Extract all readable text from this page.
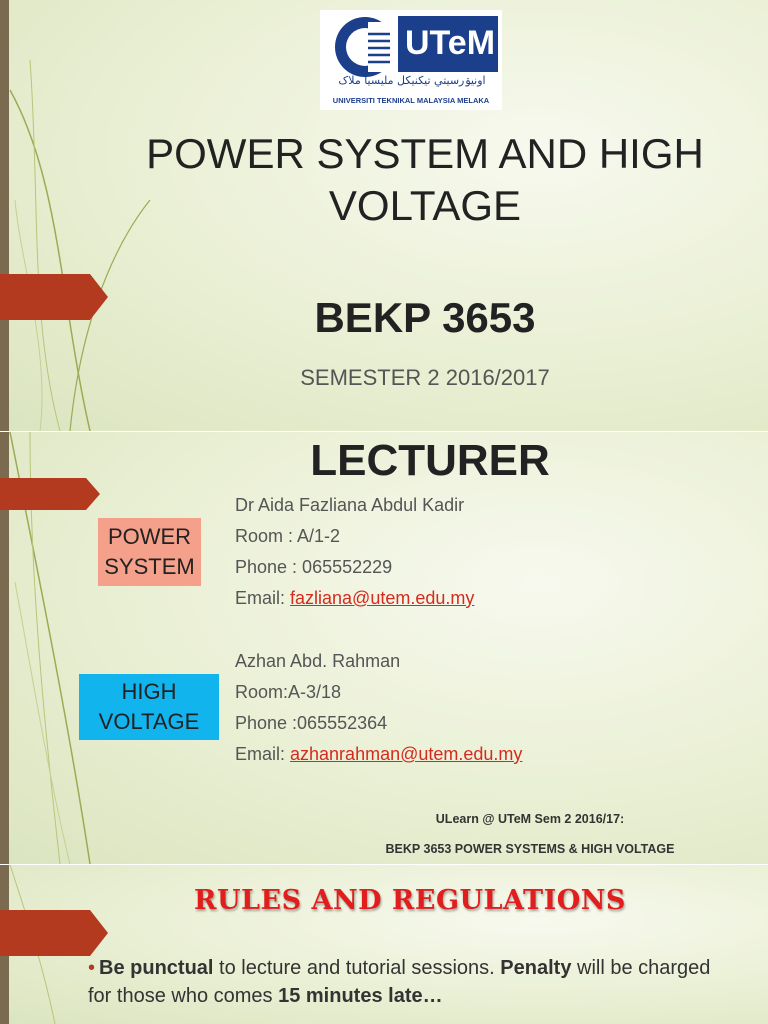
UTeM
اونيۏرسيتي تيکنيکل مليسيا ملاک
UNIVERSITI TEKNIKAL MALAYSIA MELAKA
POWER SYSTEM AND HIGH
VOLTAGE
BEKP 3653
SEMESTER 2 2016/2017
LECTURER
POWER
SYSTEM
Dr Aida Fazliana Abdul Kadir
Room : A/1-2
Phone : 065552229
Email: fazliana@utem.edu.my
HIGH
VOLTAGE
Azhan Abd. Rahman
Room:A-3/18
Phone :065552364
Email: azhanrahman@utem.edu.my
ULearn @ UTeM Sem 2 2016/17:
BEKP 3653 POWER SYSTEMS & HIGH VOLTAGE
RULES AND REGULATIONS
• Be punctual to lecture and tutorial sessions. Penalty will be charged for those who comes 15 minutes late…
